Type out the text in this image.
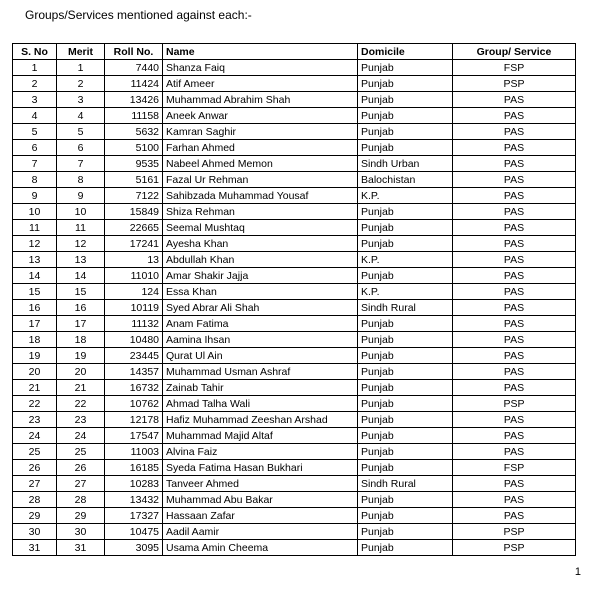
Groups/Services mentioned against each:-
S. No	Merit	Roll No.	Name	Domicile	Group/ Service
1	1	7440	Shanza Faiq	Punjab	FSP
2	2	11424	Atif Ameer	Punjab	PSP
3	3	13426	Muhammad Abrahim Shah	Punjab	PAS
4	4	11158	Aneek Anwar	Punjab	PAS
5	5	5632	Kamran Saghir	Punjab	PAS
6	6	5100	Farhan Ahmed	Punjab	PAS
7	7	9535	Nabeel Ahmed Memon	Sindh Urban	PAS
8	8	5161	Fazal Ur Rehman	Balochistan	PAS
9	9	7122	Sahibzada Muhammad Yousaf	K.P.	PAS
10	10	15849	Shiza Rehman	Punjab	PAS
11	11	22665	Seemal Mushtaq	Punjab	PAS
12	12	17241	Ayesha Khan	Punjab	PAS
13	13	13	Abdullah Khan	K.P.	PAS
14	14	11010	Amar Shakir Jajja	Punjab	PAS
15	15	124	Essa Khan	K.P.	PAS
16	16	10119	Syed Abrar Ali Shah	Sindh Rural	PAS
17	17	11132	Anam Fatima	Punjab	PAS
18	18	10480	Aamina Ihsan	Punjab	PAS
19	19	23445	Qurat Ul Ain	Punjab	PAS
20	20	14357	Muhammad Usman Ashraf	Punjab	PAS
21	21	16732	Zainab Tahir	Punjab	PAS
22	22	10762	Ahmad Talha Wali	Punjab	PSP
23	23	12178	Hafiz Muhammad Zeeshan Arshad	Punjab	PAS
24	24	17547	Muhammad Majid Altaf	Punjab	PAS
25	25	11003	Alvina Faiz	Punjab	PAS
26	26	16185	Syeda Fatima Hasan Bukhari	Punjab	FSP
27	27	10283	Tanveer Ahmed	Sindh Rural	PAS
28	28	13432	Muhammad Abu Bakar	Punjab	PAS
29	29	17327	Hassaan Zafar	Punjab	PAS
30	30	10475	Aadil Aamir	Punjab	PSP
31	31	3095	Usama Amin Cheema	Punjab	PSP
1
